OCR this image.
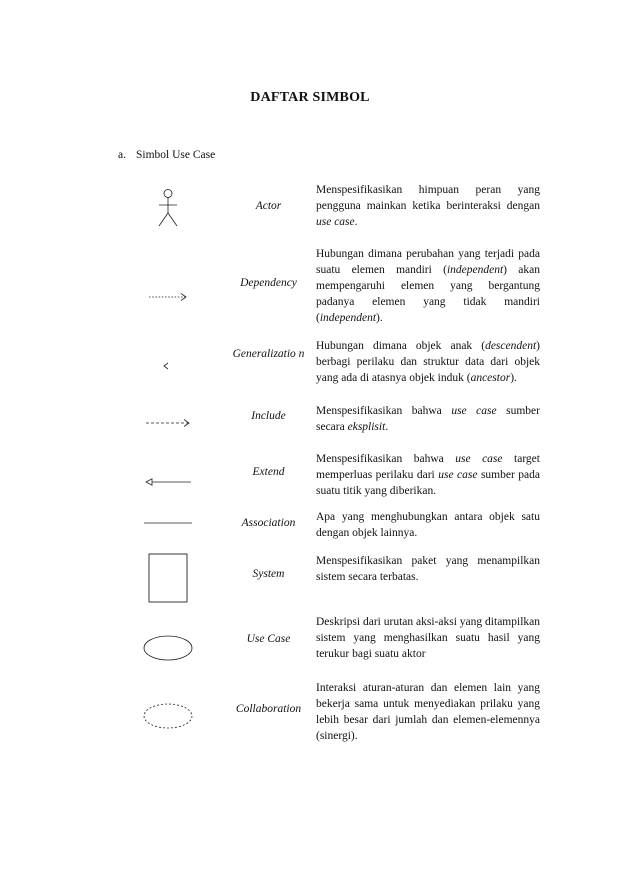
DAFTAR SIMBOL
a. Simbol Use Case
Actor
Menspesifikasikan himpuan peran yang pengguna mainkan ketika berinteraksi dengan use case.
Dependency
Hubungan dimana perubahan yang terjadi pada suatu elemen mandiri (independent) akan mempengaruhi elemen yang bergantung padanya elemen yang tidak mandiri (independent).
Generalizatio n
Hubungan dimana objek anak (descendent) berbagi perilaku dan struktur data dari objek yang ada di atasnya objek induk (ancestor).
Include	Menspesifikasikan bahwa use case sumber secara eksplisit.
Extend
Menspesifikasikan bahwa use case target memperluas perilaku dari use case sumber pada suatu titik yang diberikan.
Association	Apa yang menghubungkan antara objek satu dengan objek lainnya.
System
Menspesifikasikan paket yang menampilkan sistem secara terbatas.
Use Case
Deskripsi dari urutan aksi-aksi yang ditampilkan sistem yang menghasilkan suatu hasil yang terukur bagi suatu aktor
Collaboration
Interaksi aturan-aturan dan elemen lain yang bekerja sama untuk menyediakan prilaku yang lebih besar dari jumlah dan elemen-elemennya (sinergi).
